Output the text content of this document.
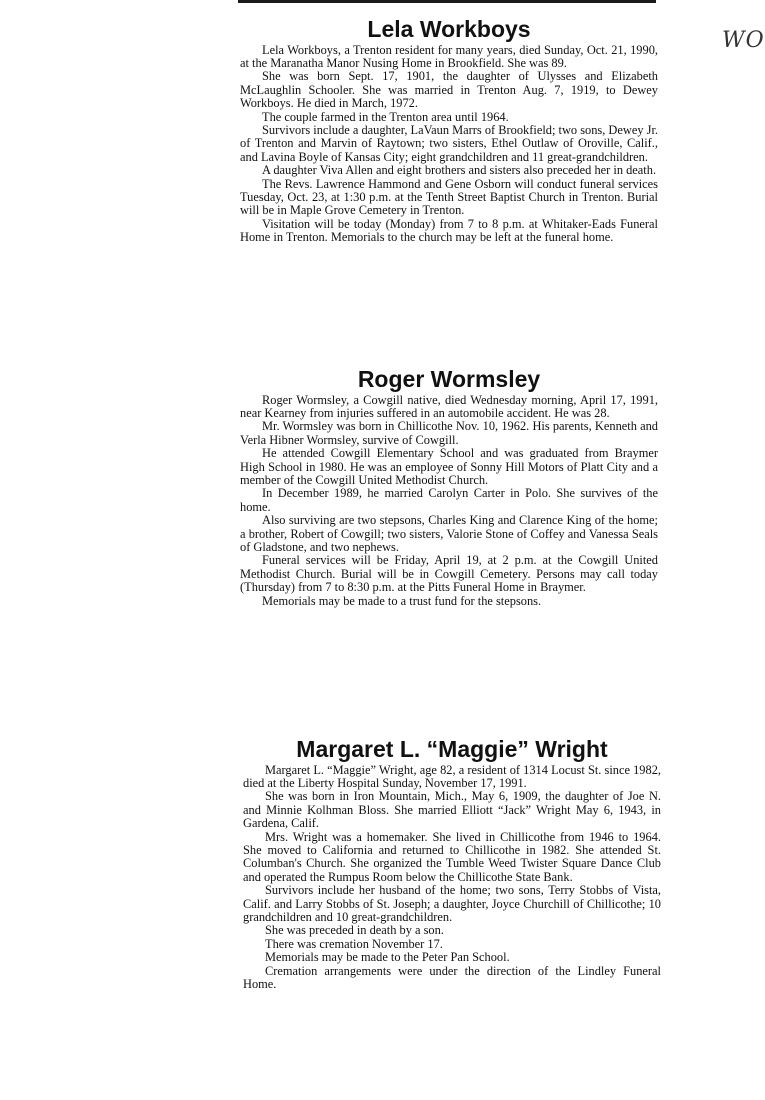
WO
Lela Workboys

Lela Workboys, a Trenton resident for many years, died Sunday, Oct. 21, 1990, at the Maranatha Manor Nusing Home in Brookfield. She was 89.

She was born Sept. 17, 1901, the daughter of Ulysses and Elizabeth McLaughlin Schooler. She was married in Trenton Aug. 7, 1919, to Dewey Workboys. He died in March, 1972.

The couple farmed in the Trenton area until 1964.

Survivors include a daughter, LaVaun Marrs of Brookfield; two sons, Dewey Jr. of Trenton and Marvin of Raytown; two sisters, Ethel Outlaw of Oroville, Calif., and Lavina Boyle of Kansas City; eight grandchildren and 11 great-grandchildren.

A daughter Viva Allen and eight brothers and sisters also preceded her in death.

The Revs. Lawrence Hammond and Gene Osborn will conduct funeral services Tuesday, Oct. 23, at 1:30 p.m. at the Tenth Street Baptist Church in Trenton. Burial will be in Maple Grove Cemetery in Trenton.

Visitation will be today (Monday) from 7 to 8 p.m. at Whitaker-Eads Funeral Home in Trenton. Memorials to the church may be left at the funeral home.

Roger Wormsley

Roger Wormsley, a Cowgill native, died Wednesday morning, April 17, 1991, near Kearney from injuries suffered in an automobile accident. He was 28.

Mr. Wormsley was born in Chillicothe Nov. 10, 1962. His parents, Kenneth and Verla Hibner Wormsley, survive of Cowgill.

He attended Cowgill Elementary School and was graduated from Braymer High School in 1980. He was an employee of Sonny Hill Motors of Platt City and a member of the Cowgill United Methodist Church.

In December 1989, he married Carolyn Carter in Polo. She survives of the home.

Also surviving are two stepsons, Charles King and Clarence King of the home; a brother, Robert of Cowgill; two sisters, Valorie Stone of Coffey and Vanessa Seals of Gladstone, and two nephews.

Funeral services will be Friday, April 19, at 2 p.m. at the Cowgill United Methodist Church. Burial will be in Cowgill Cemetery. Persons may call today (Thursday) from 7 to 8:30 p.m. at the Pitts Funeral Home in Braymer.

Memorials may be made to a trust fund for the stepsons.

Margaret L. “Maggie” Wright

Margaret L. “Maggie” Wright, age 82, a resident of 1314 Locust St. since 1982, died at the Liberty Hospital Sunday, November 17, 1991.

She was born in Iron Mountain, Mich., May 6, 1909, the daughter of Joe N. and Minnie Kolhman Bloss. She married Elliott “Jack” Wright May 6, 1943, in Gardena, Calif.

Mrs. Wright was a homemaker. She lived in Chillicothe from 1946 to 1964. She moved to California and returned to Chillicothe in 1982. She attended St. Columban's Church. She organized the Tumble Weed Twister Square Dance Club and operated the Rumpus Room below the Chillicothe State Bank.

Survivors include her husband of the home; two sons, Terry Stobbs of Vista, Calif. and Larry Stobbs of St. Joseph; a daughter, Joyce Churchill of Chillicothe; 10 grandchildren and 10 great-grandchildren.

She was preceded in death by a son.

There was cremation November 17.

Memorials may be made to the Peter Pan School.

Cremation arrangements were under the direction of the Lindley Funeral Home.
